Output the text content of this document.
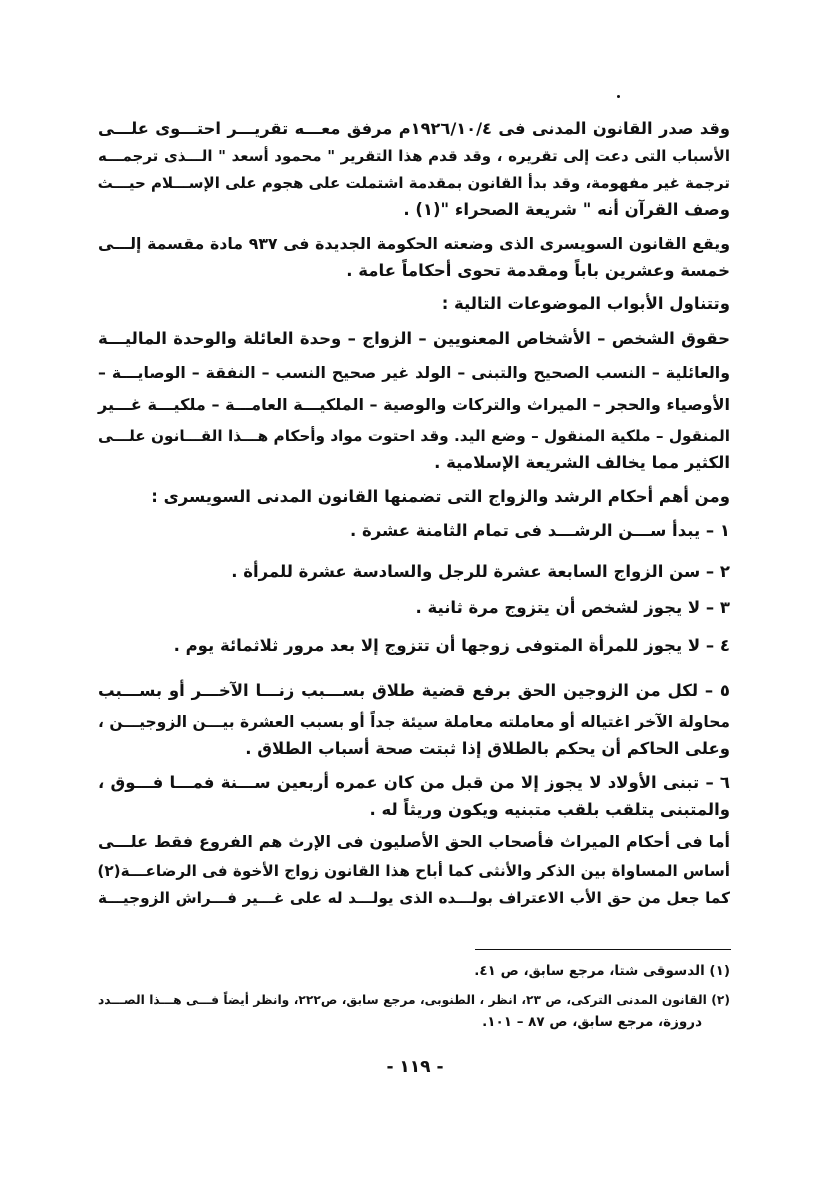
وقد صدر القانون المدنى فى ١٩٢٦/١٠/٤م مرفق معـــه تقريـــر احتـــوى علـــى
الأسباب التى دعت إلى تقريره ، وقد قدم هذا التقرير " محمود أسعد " الـــذى ترجمـــه
ترجمة غير مفهومة، وقد بدأ القانون بمقدمة اشتملت على هجوم على الإســـلام حيـــث
وصف القرآن أنه " شريعة الصحراء "(١) .
ويقع القانون السويسرى الذى وضعته الحكومة الجديدة فى ٩٣٧ مادة مقسمة إلـــى
خمسة وعشرين باباً ومقدمة تحوى أحكاماً عامة .
وتتناول الأبواب الموضوعات التالية :
حقوق الشخص – الأشخاص المعنويين – الزواج – وحدة العائلة والوحدة الماليـــة
والعائلية – النسب الصحيح والتبنى – الولد غير صحيح النسب – النفقة – الوصايـــة –
الأوصياء والحجر – الميراث والتركات والوصية – الملكيـــة العامـــة – ملكيـــة غـــير
المنقول – ملكية المنقول – وضع اليد. وقد احتوت مواد وأحكام هـــذا القـــانون علـــى
الكثير مما يخالف الشريعة الإسلامية .
ومن أهم أحكام الرشد والزواج التى تضمنها القانون المدنى السويسرى :
١ – يبدأ ســـن الرشـــد فى تمام الثامنة عشرة .
٢ – سن الزواج السابعة عشرة للرجل والسادسة عشرة للمرأة .
٣ – لا يجوز لشخص أن يتزوج مرة ثانية .
٤ – لا يجوز للمرأة المتوفى زوجها أن تتزوج إلا بعد مرور ثلاثمائة يوم .
٥ – لكل من الزوجين الحق برفع قضية طلاق بســـبب زنـــا الآخـــر أو بســـبب
محاولة الآخر اغتياله أو معاملته معاملة سيئة جداً أو بسبب العشرة بيـــن الزوجيـــن ،
وعلى الحاكم أن يحكم بالطلاق إذا ثبتت صحة أسباب الطلاق .
٦ – تبنى الأولاد لا يجوز إلا من قبل من كان عمره أربعين ســـنة فمـــا فـــوق ،
والمتبنى يتلقب بلقب متبنيه ويكون وريثاً له .
أما فى أحكام الميراث فأصحاب الحق الأصليون فى الإرث هم الفروع فقط علـــى
أساس المساواة بين الذكر والأنثى كما أباح هذا القانون زواج الأخوة فى الرضاعـــة(٢)
كما جعل من حق الأب الاعتراف بولـــده الذى يولـــد له على غـــير فـــراش الزوجيـــة
(١) الدسوقى شتا، مرجع سابق، ص ٤١.
(٢) القانون المدنى التركى، ص ٢٣، انظر ، الطنوبى، مرجع سابق، ص٢٢٢، وانظر أيضاً فـــى هـــذا الصـــدد
دروزة، مرجع سابق، ص ٨٧ – ١٠١.
- ١١٩ -
